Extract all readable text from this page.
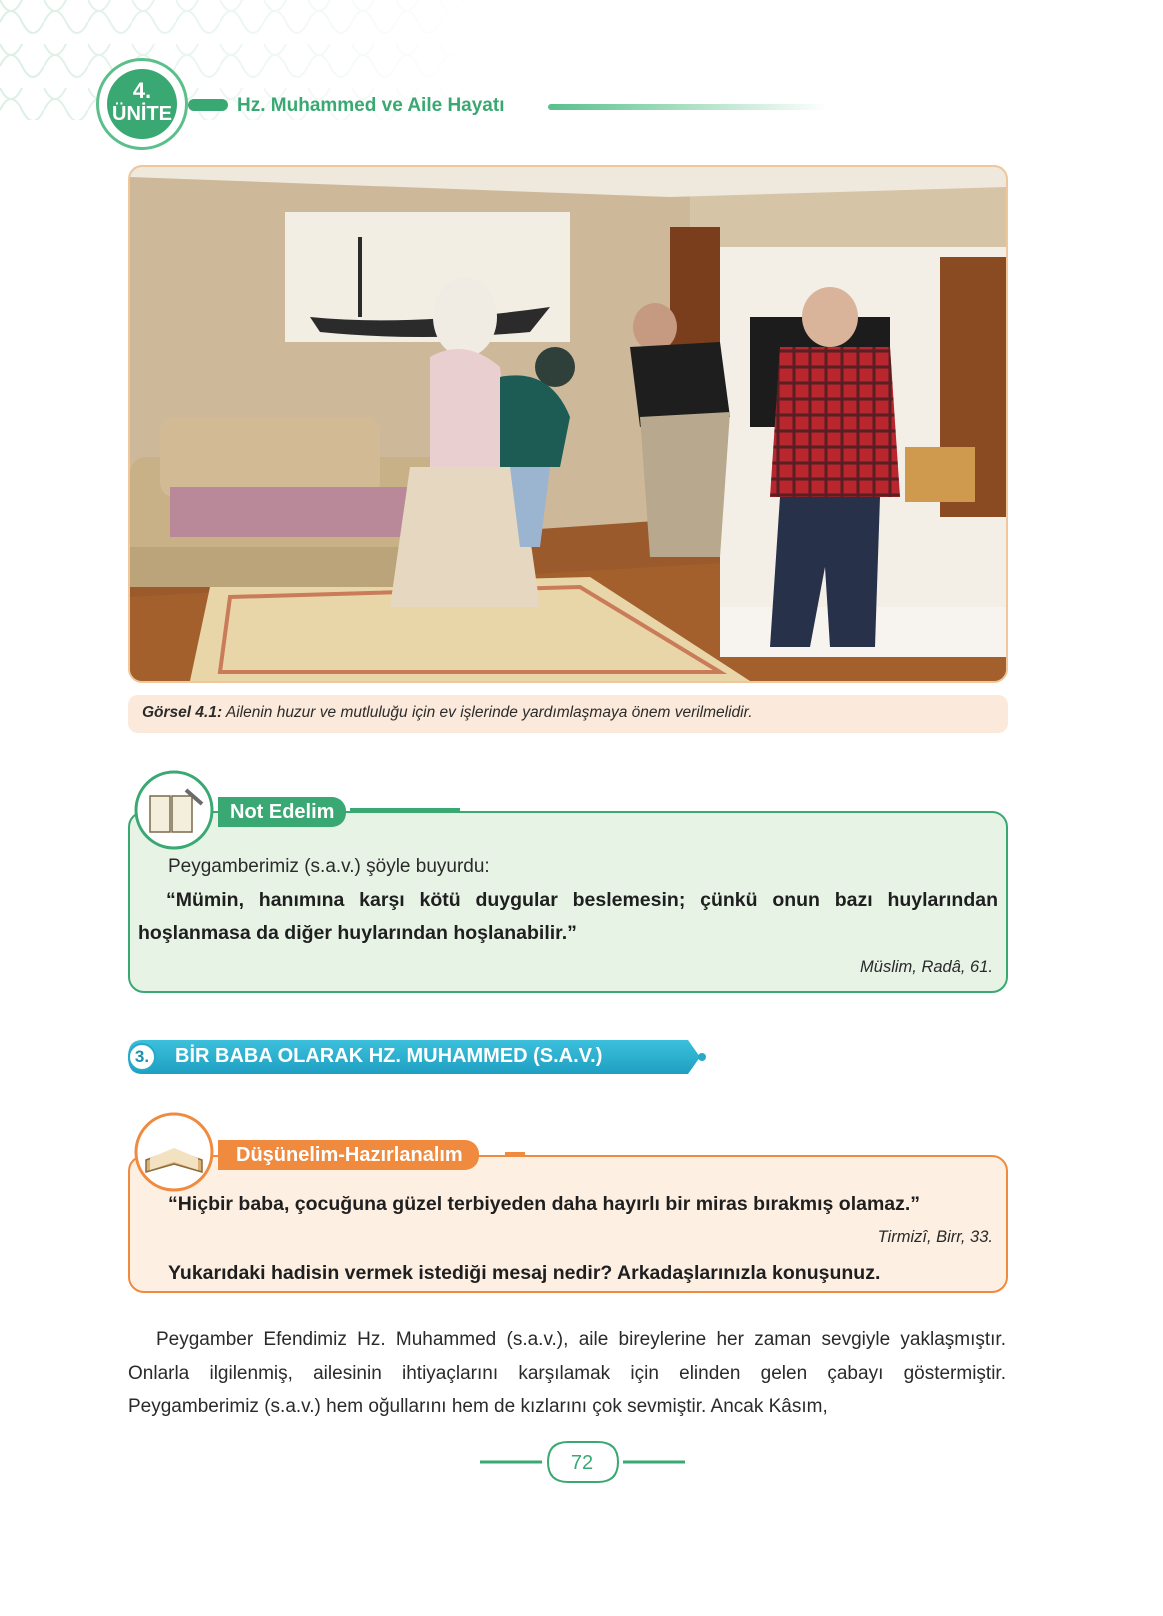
4.
ÜNİTE	Hz. Muhammed ve Aile Hayatı
Görsel 4.1: Ailenin huzur ve mutluluğu için ev işlerinde yardımlaşmaya önem verilmelidir.
Not Edelim
Peygamberimiz (s.a.v.) şöyle buyurdu:
“Mümin, hanımına karşı kötü duygular beslemesin; çünkü onun bazı huylarından hoşlanmasa da diğer huylarından hoşlanabilir.”
Müslim, Radâ, 61.
3.	BİR BABA OLARAK HZ. MUHAMMED (S.A.V.)
Düşünelim-Hazırlanalım
“Hiçbir baba, çocuğuna güzel terbiyeden daha hayırlı bir miras bırakmış olamaz.”
Tirmizî, Birr, 33.
Yukarıdaki hadisin vermek istediği mesaj nedir? Arkadaşlarınızla konuşunuz.
Peygamber Efendimiz Hz. Muhammed (s.a.v.), aile bireylerine her zaman sevgiyle yaklaşmıştır. Onlarla ilgilenmiş, ailesinin ihtiyaçlarını karşılamak için elinden gelen çabayı göstermiştir. Peygamberimiz (s.a.v.) hem oğullarını hem de kızlarını çok sevmiştir. Ancak Kâsım,
72
